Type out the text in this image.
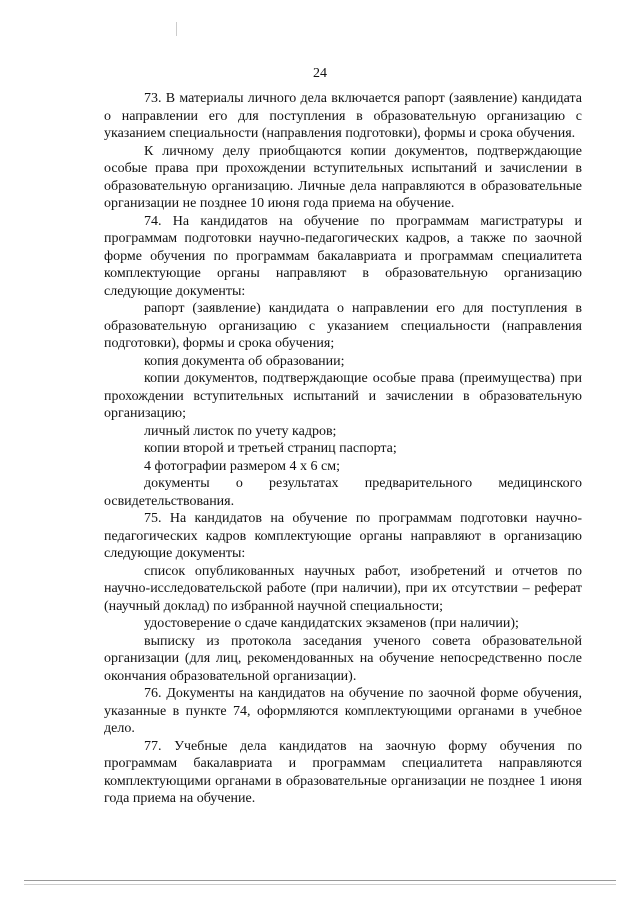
24

73. В материалы личного дела включается рапорт (заявление) кандидата о направлении его для поступления в образовательную организацию с указанием специальности (направления подготовки), формы и срока обучения.

К личному делу приобщаются копии документов, подтверждающие особые права при прохождении вступительных испытаний и зачислении в образовательную организацию. Личные дела направляются в образовательные организации не позднее 10 июня года приема на обучение.

74. На кандидатов на обучение по программам магистратуры и программам подготовки научно-педагогических кадров, а также по заочной форме обучения по программам бакалавриата и программам специалитета комплектующие органы направляют в образовательную организацию следующие документы:

рапорт (заявление) кандидата о направлении его для поступления в образовательную организацию с указанием специальности (направления подготовки), формы и срока обучения;

копия документа об образовании;

копии документов, подтверждающие особые права (преимущества) при прохождении вступительных испытаний и зачислении в образовательную организацию;

личный листок по учету кадров;

копии второй и третьей страниц паспорта;

4 фотографии размером 4 х 6 см;

документы о результатах предварительного медицинского освидетельствования.

75. На кандидатов на обучение по программам подготовки научно-педагогических кадров комплектующие органы направляют в организацию следующие документы:

список опубликованных научных работ, изобретений и отчетов по научно-исследовательской работе (при наличии), при их отсутствии – реферат (научный доклад) по избранной научной специальности;

удостоверение о сдаче кандидатских экзаменов (при наличии);

выписку из протокола заседания ученого совета образовательной организации (для лиц, рекомендованных на обучение непосредственно после окончания образовательной организации).

76. Документы на кандидатов на обучение по заочной форме обучения, указанные в пункте 74, оформляются комплектующими органами в учебное дело.

77. Учебные дела кандидатов на заочную форму обучения по программам бакалавриата и программам специалитета направляются комплектующими органами в образовательные организации не позднее 1 июня года приема на обучение.
